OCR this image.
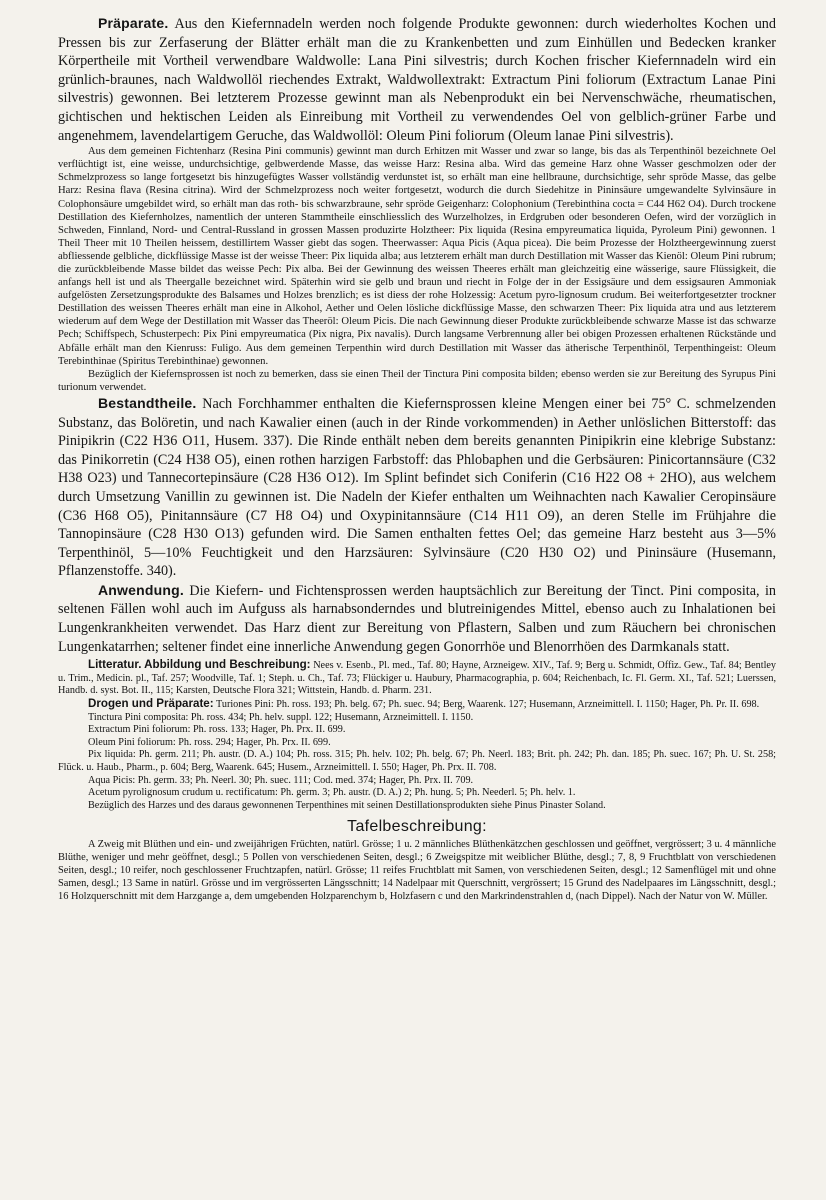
Präparate. Aus den Kiefernnadeln werden noch folgende Produkte gewonnen: durch wiederholtes Kochen und Pressen bis zur Zerfaserung der Blätter erhält man die zu Krankenbetten und zum Einhüllen und Bedecken kranker Körpertheile mit Vortheil verwendbare Waldwolle: Lana Pini silvestris; durch Kochen frischer Kiefernnadeln wird ein grünlich-braunes, nach Waldwollöl riechendes Extrakt, Waldwollextrakt: Extractum Pini foliorum (Extractum Lanae Pini silvestris) gewonnen. Bei letzterem Prozesse gewinnt man als Nebenprodukt ein bei Nervenschwäche, rheumatischen, gichtischen und hektischen Leiden als Einreibung mit Vortheil zu verwendendes Oel von gelblich-grüner Farbe und angenehmem, lavendelartigem Geruche, das Waldwollöl: Oleum Pini foliorum (Oleum lanae Pini silvestris).

Aus dem gemeinen Fichtenharz (Resina Pini communis) gewinnt man durch Erhitzen mit Wasser und zwar so lange, bis das als Terpenthinöl bezeichnete Oel verflüchtigt ist, eine weisse, undurchsichtige, gelbwerdende Masse, das weisse Harz: Resina alba. Wird das gemeine Harz ohne Wasser geschmolzen oder der Schmelzprozess so lange fortgesetzt bis hinzugefügtes Wasser vollständig verdunstet ist, so erhält man eine hellbraune, durchsichtige, sehr spröde Masse, das gelbe Harz: Resina flava (Resina citrina). Wird der Schmelzprozess noch weiter fortgesetzt, wodurch die durch Siedehitze in Pininsäure umgewandelte Sylvinsäure in Colophonsäure umgebildet wird, so erhält man das roth- bis schwarzbraune, sehr spröde Geigenharz: Colophonium (Terebinthina cocta = C44 H62 O4). Durch trockene Destillation des Kiefernholzes, namentlich der unteren Stammtheile einschliesslich des Wurzelholzes, in Erdgruben oder besonderen Oefen, wird der vorzüglich in Schweden, Finnland, Nord- und Central-Russland in grossen Massen produzirte Holztheer: Pix liquida (Resina empyreumatica liquida, Pyroleum Pini) gewonnen. 1 Theil Theer mit 10 Theilen heissem, destillirtem Wasser giebt das sogen. Theerwasser: Aqua Picis (Aqua picea). Die beim Prozesse der Holztheergewinnung zuerst abfliessende gelbliche, dickflüssige Masse ist der weisse Theer: Pix liquida alba; aus letzterem erhält man durch Destillation mit Wasser das Kienöl: Oleum Pini rubrum; die zurückbleibende Masse bildet das weisse Pech: Pix alba. Bei der Gewinnung des weissen Theeres erhält man gleichzeitig eine wässerige, saure Flüssigkeit, die anfangs hell ist und als Theergalle bezeichnet wird. Späterhin wird sie gelb und braun und riecht in Folge der in der Essigsäure und dem essigsauren Ammoniak aufgelösten Zersetzungsprodukte des Balsames und Holzes brenzlich; es ist diess der rohe Holzessig: Acetum pyro-lignosum crudum. Bei weiterfortgesetzter trockner Destillation des weissen Theeres erhält man eine in Alkohol, Aether und Oelen lösliche dickflüssige Masse, den schwarzen Theer: Pix liquida atra und aus letzterem wiederum auf dem Wege der Destillation mit Wasser das Theeröl: Oleum Picis. Die nach Gewinnung dieser Produkte zurückbleibende schwarze Masse ist das schwarze Pech; Schiffspech, Schusterpech: Pix Pini empyreumatica (Pix nigra, Pix navalis). Durch langsame Verbrennung aller bei obigen Prozessen erhaltenen Rückstände und Abfälle erhält man den Kienruss: Fuligo. Aus dem gemeinen Terpenthin wird durch Destillation mit Wasser das ätherische Terpenthinöl, Terpenthingeist: Oleum Terebinthinae (Spiritus Terebinthinae) gewonnen.

Bezüglich der Kiefernsprossen ist noch zu bemerken, dass sie einen Theil der Tinctura Pini composita bilden; ebenso werden sie zur Bereitung des Syrupus Pini turionum verwendet.

Bestandtheile. Nach Forchhammer enthalten die Kiefernsprossen kleine Mengen einer bei 75° C. schmelzenden Substanz, das Bolöretin, und nach Kawalier einen (auch in der Rinde vorkommenden) in Aether unlöslichen Bitterstoff: das Pinipikrin (C22 H36 O11, Husem. 337). Die Rinde enthält neben dem bereits genannten Pinipikrin eine klebrige Substanz: das Pinikorretin (C24 H38 O5), einen rothen harzigen Farbstoff: das Phlobaphen und die Gerbsäuren: Pinicortannsäure (C32 H38 O23) und Tannecortepinsäure (C28 H36 O12). Im Splint befindet sich Coniferin (C16 H22 O8 + 2HO), aus welchem durch Umsetzung Vanillin zu gewinnen ist. Die Nadeln der Kiefer enthalten um Weihnachten nach Kawalier Ceropinsäure (C36 H68 O5), Pinitannsäure (C7 H8 O4) und Oxypinitannsäure (C14 H11 O9), an deren Stelle im Frühjahre die Tannopinsäure (C28 H30 O13) gefunden wird. Die Samen enthalten fettes Oel; das gemeine Harz besteht aus 3—5% Terpenthinöl, 5—10% Feuchtigkeit und den Harzsäuren: Sylvinsäure (C20 H30 O2) und Pininsäure (Husemann, Pflanzenstoffe. 340).

Anwendung. Die Kiefern- und Fichtensprossen werden hauptsächlich zur Bereitung der Tinct. Pini composita, in seltenen Fällen wohl auch im Aufguss als harnabsonderndes und blutreinigendes Mittel, ebenso auch zu Inhalationen bei Lungenkrankheiten verwendet. Das Harz dient zur Bereitung von Pflastern, Salben und zum Räuchern bei chronischen Lungenkatarrhen; seltener findet eine innerliche Anwendung gegen Gonorrhöe und Blenorrhöen des Darmkanals statt.

Litteratur. Abbildung und Beschreibung: Nees v. Esenb., Pl. med., Taf. 80; Hayne, Arzneigew. XIV., Taf. 9; Berg u. Schmidt, Offiz. Gew., Taf. 84; Bentley u. Trim., Medicin. pl., Taf. 257; Woodville, Taf. 1; Steph. u. Ch., Taf. 73; Flückiger u. Haubury, Pharmacographia, p. 604; Reichenbach, Ic. Fl. Germ. XI., Taf. 521; Luerssen, Handb. d. syst. Bot. II., 115; Karsten, Deutsche Flora 321; Wittstein, Handb. d. Pharm. 231.

Drogen und Präparate: Turiones Pini: Ph. ross. 193; Ph. belg. 67; Ph. suec. 94; Berg, Waarenk. 127; Husemann, Arzneimittell. I. 1150; Hager, Ph. Pr. II. 698.

Tinctura Pini composita: Ph. ross. 434; Ph. helv. suppl. 122; Husemann, Arzneimittell. I. 1150.

Extractum Pini foliorum: Ph. ross. 133; Hager, Ph. Prx. II. 699.

Oleum Pini foliorum: Ph. ross. 294; Hager, Ph. Prx. II. 699.

Pix liquida: Ph. germ. 211; Ph. austr. (D. A.) 104; Ph. ross. 315; Ph. helv. 102; Ph. belg. 67; Ph. Neerl. 183; Brit. ph. 242; Ph. dan. 185; Ph. suec. 167; Ph. U. St. 258; Flück. u. Haub., Pharm., p. 604; Berg, Waarenk. 645; Husem., Arzneimittell. I. 550; Hager, Ph. Prx. II. 708.

Aqua Picis: Ph. germ. 33; Ph. Neerl. 30; Ph. suec. 111; Cod. med. 374; Hager, Ph. Prx. II. 709.

Acetum pyrolignosum crudum u. rectificatum: Ph. germ. 3; Ph. austr. (D. A.) 2; Ph. hung. 5; Ph. Neederl. 5; Ph. helv. 1.

Bezüglich des Harzes und des daraus gewonnenen Terpenthines mit seinen Destillationsprodukten siehe Pinus Pinaster Soland.

Tafelbeschreibung:

A Zweig mit Blüthen und ein- und zweijährigen Früchten, natürl. Grösse; 1 u. 2 männliches Blüthenkätzchen geschlossen und geöffnet, vergrössert; 3 u. 4 männliche Blüthe, weniger und mehr geöffnet, desgl.; 5 Pollen von verschiedenen Seiten, desgl.; 6 Zweigspitze mit weiblicher Blüthe, desgl.; 7, 8, 9 Fruchtblatt von verschiedenen Seiten, desgl.; 10 reifer, noch geschlossener Fruchtzapfen, natürl. Grösse; 11 reifes Fruchtblatt mit Samen, von verschiedenen Seiten, desgl.; 12 Samenflügel mit und ohne Samen, desgl.; 13 Same in natürl. Grösse und im vergrösserten Längsschnitt; 14 Nadelpaar mit Querschnitt, vergrössert; 15 Grund des Nadelpaares im Längsschnitt, desgl.; 16 Holzquerschnitt mit dem Harzgange a, dem umgebenden Holzparenchym b, Holzfasern c und den Markrindenstrahlen d, (nach Dippel). Nach der Natur von W. Müller.
